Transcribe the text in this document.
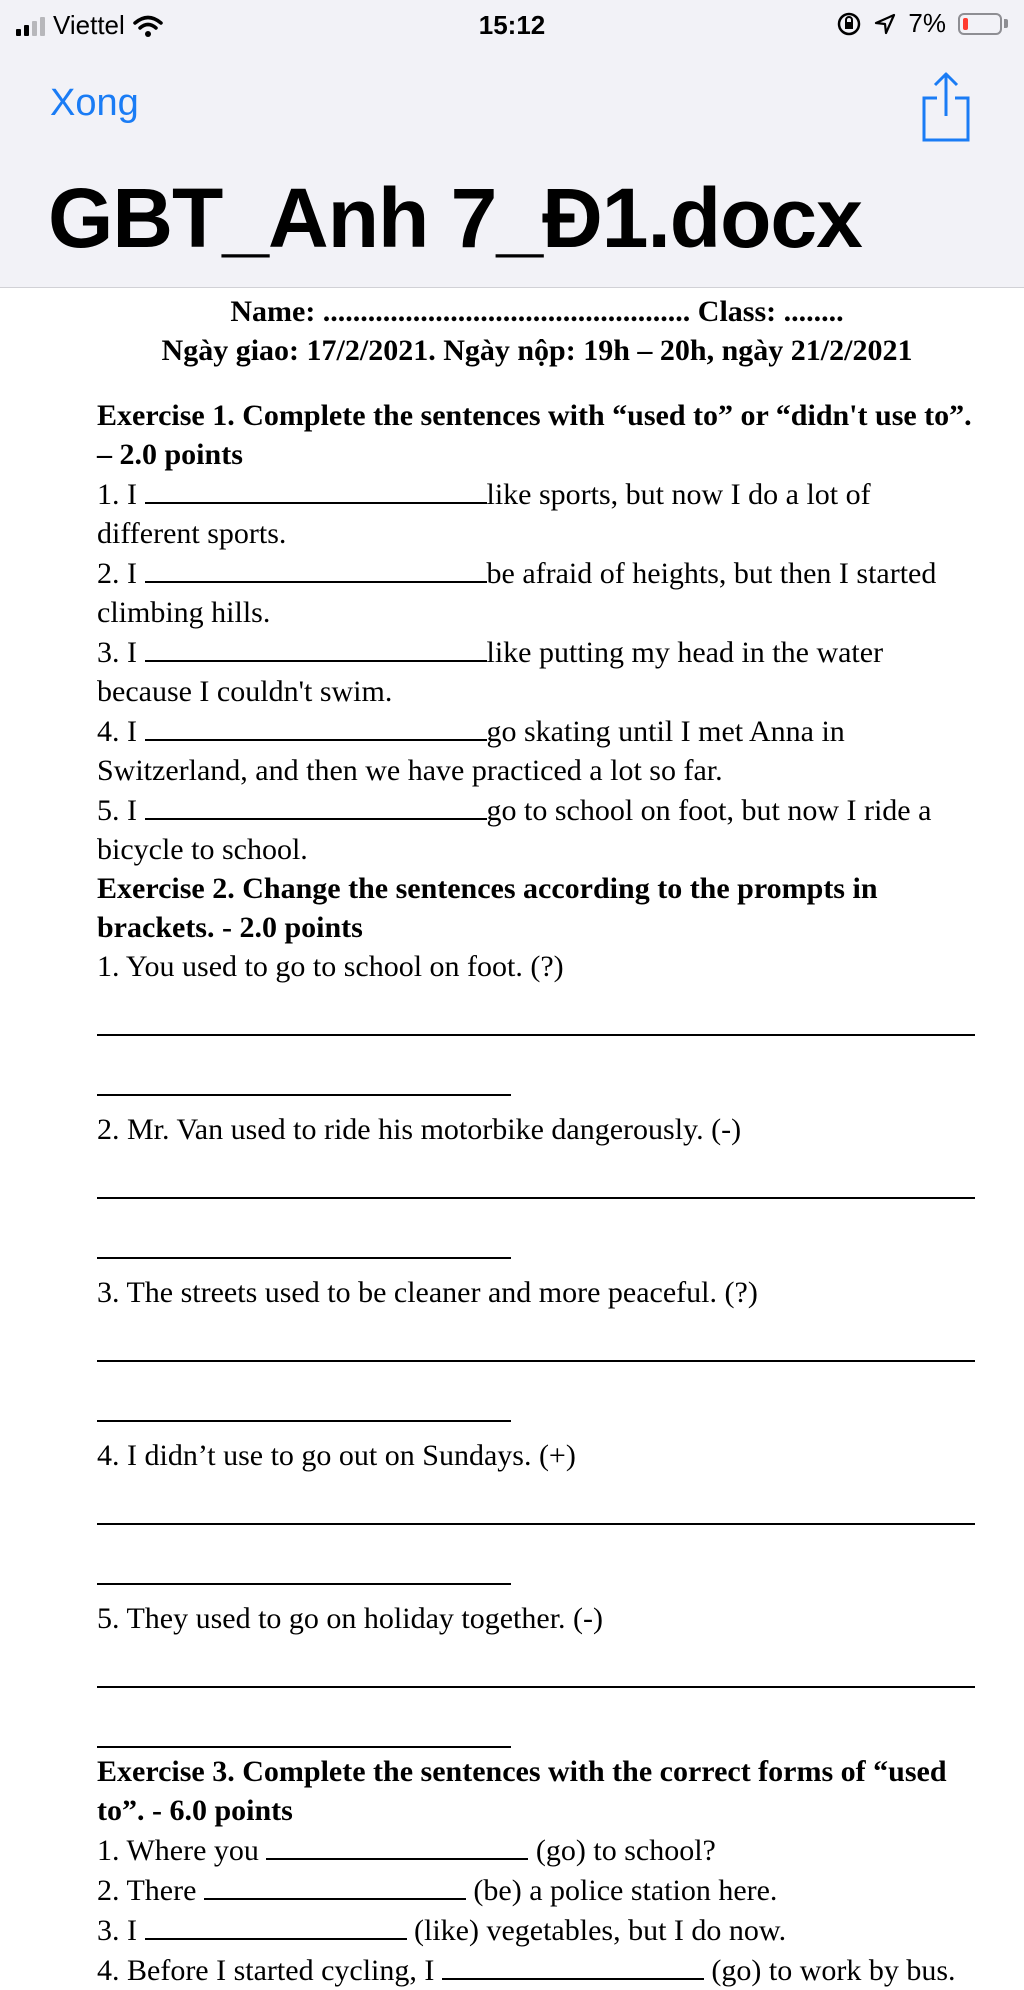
Viettel	15:12	7%
Xong
GBT_Anh 7_Đ1.docx
Name: ................................................. Class: ........
Ngày giao: 17/2/2021. Ngày nộp: 19h – 20h, ngày 21/2/2021
Exercise 1. Complete the sentences with “used to” or “didn't use to”. – 2.0 points
1. I	like sports, but now I do a lot of different sports.
2. I	be afraid of heights, but then I started climbing hills.
3. I	like putting my head in the water because I couldn't swim.
4. I	go skating until I met Anna in Switzerland, and then we have practiced a lot so far.
5. I	go to school on foot, but now I ride a bicycle to school.
Exercise 2. Change the sentences according to the prompts in brackets. - 2.0 points
1. You used to go to school on foot. (?)
2. Mr. Van used to ride his motorbike dangerously. (-)
3. The streets used to be cleaner and more peaceful. (?)
4. I didn’t use to go out on Sundays. (+)
5. They used to go on holiday together. (-)
Exercise 3. Complete the sentences with the correct forms of “used to”. - 6.0 points
1. Where you	(go) to school?
2. There	(be) a police station here.
3. I	(like) vegetables, but I do now.
4. Before I started cycling, I	(go) to work by bus.
